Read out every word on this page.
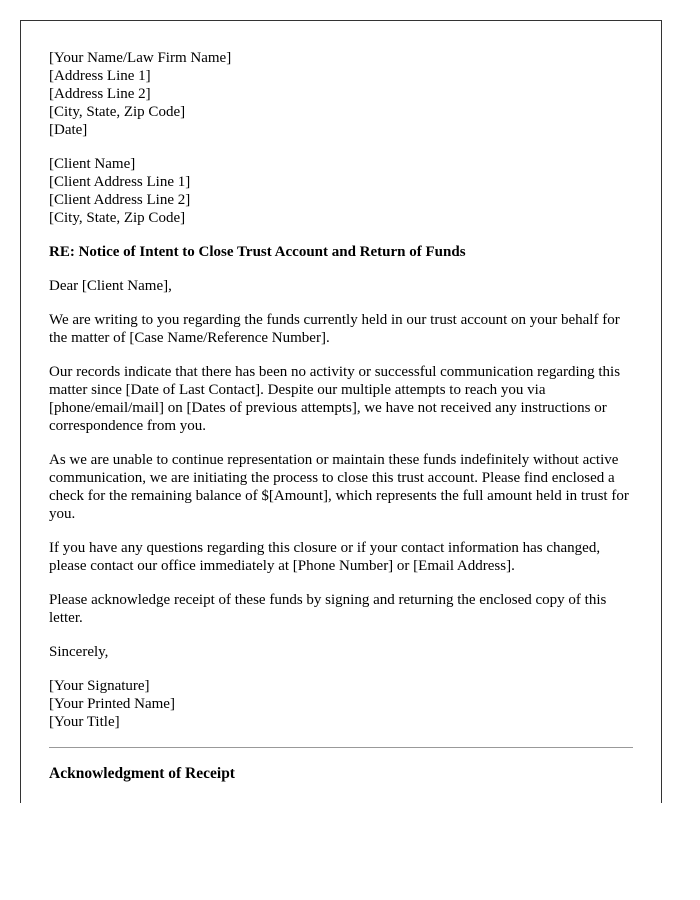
[Your Name/Law Firm Name]
[Address Line 1]
[Address Line 2]
[City, State, Zip Code]
[Date]

[Client Name]
[Client Address Line 1]
[Client Address Line 2]
[City, State, Zip Code]

RE: Notice of Intent to Close Trust Account and Return of Funds

Dear [Client Name],

We are writing to you regarding the funds currently held in our trust account on your behalf for the matter of [Case Name/Reference Number].

Our records indicate that there has been no activity or successful communication regarding this matter since [Date of Last Contact]. Despite our multiple attempts to reach you via [phone/email/mail] on [Dates of previous attempts], we have not received any instructions or correspondence from you.

As we are unable to continue representation or maintain these funds indefinitely without active communication, we are initiating the process to close this trust account. Please find enclosed a check for the remaining balance of $[Amount], which represents the full amount held in trust for you.

If you have any questions regarding this closure or if your contact information has changed, please contact our office immediately at [Phone Number] or [Email Address].

Please acknowledge receipt of these funds by signing and returning the enclosed copy of this letter.

Sincerely,

[Your Signature]
[Your Printed Name]
[Your Title]

Acknowledgment of Receipt
